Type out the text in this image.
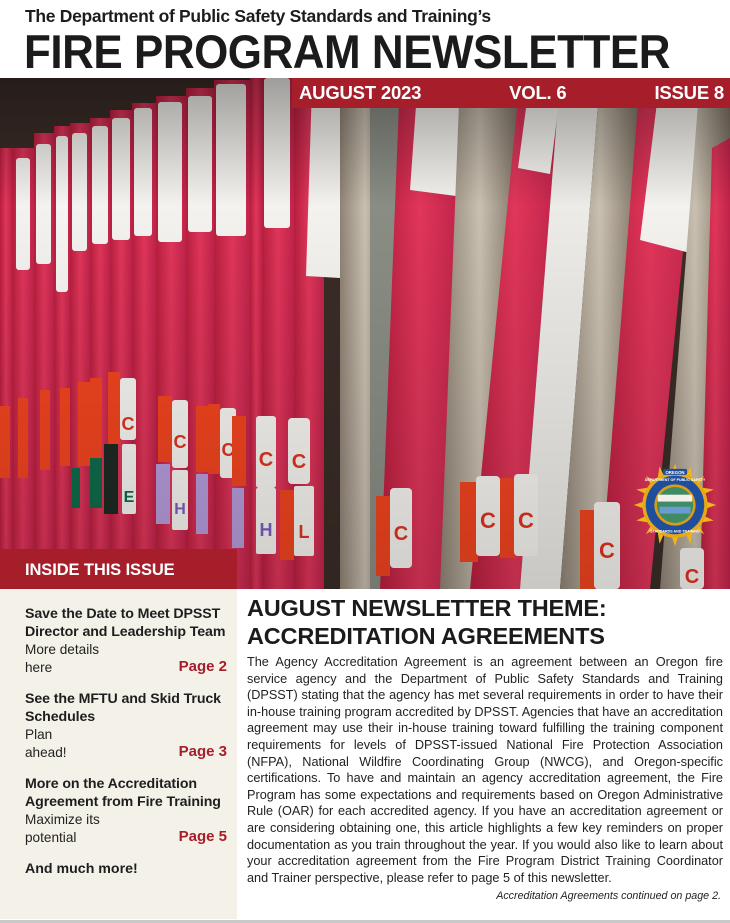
The Department of Public Safety Standards and Training’s
FIRE PROGRAM NEWSLETTER
AUGUST 2023	VOL. 6	ISSUE 8
OREGON
DEPARTMENT OF PUBLIC SAFETY
STANDARDS AND TRAINING
INSIDE THIS ISSUE
Save the Date to Meet DPSST Director and Leadership Team
More details here	Page 2
See the MFTU and Skid Truck Schedules
Plan ahead!	Page 3
More on the Accreditation Agreement from Fire Training
Maximize its potential	Page 5
And much more!
AUGUST NEWSLETTER THEME:
ACCREDITATION AGREEMENTS

The Agency Accreditation Agreement is an agreement between an Oregon fire service agency and the Department of Public Safety Standards and Training (DPSST) stating that the agency has met several requirements in order to have their in-house training program accredited by DPSST. Agencies that have an accreditation agreement may use their in-house training toward fulfilling the training component requirements for levels of DPSST-issued National Fire Protection Association (NFPA), National Wildfire Coordinating Group (NWCG), and Oregon-specific certifications. To have and maintain an agency accreditation agreement, the Fire Program has some expectations and requirements based on Oregon Administrative Rule (OAR) for each accredited agency. If you have an accreditation agreement or are considering obtaining one, this article highlights a few key reminders on proper documentation as you train throughout the year. If you would also like to learn about your accreditation agreement from the Fire Program District Training Coordinator and Trainer perspective, please refer to page 5 of this newsletter.

Accreditation Agreements continued on page 2.
